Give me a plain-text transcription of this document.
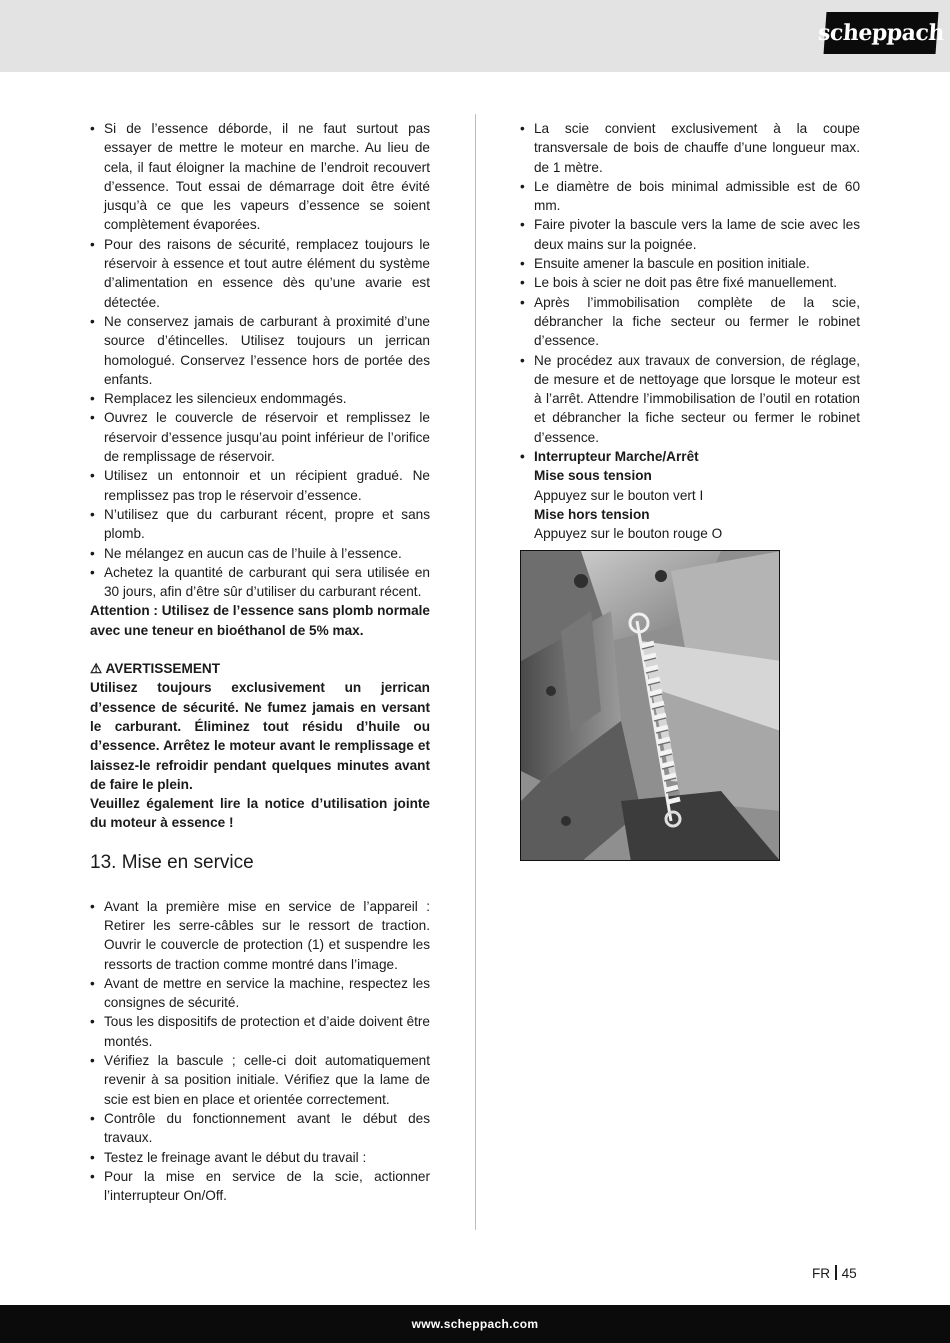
scheppach
• Si de l’essence déborde, il ne faut surtout pas essayer de mettre le moteur en marche. Au lieu de cela, il faut éloigner la machine de l’endroit recouvert d’essence. Tout essai de démarrage doit être évité jusqu’à ce que les vapeurs d’essence se soient complètement évaporées.
• Pour des raisons de sécurité, remplacez toujours le réservoir à essence et tout autre élément du système d’alimentation en essence dès qu’une avarie est détectée.
• Ne conservez jamais de carburant à proximité d’une source d’étincelles. Utilisez toujours un jerrican homologué. Conservez l’essence hors de portée des enfants.
• Remplacez les silencieux endommagés.
• Ouvrez le couvercle de réservoir et remplissez le réservoir d’essence jusqu’au point inférieur de l’orifice de remplissage de réservoir.
• Utilisez un entonnoir et un récipient gradué. Ne remplissez pas trop le réservoir d’essence.
• N’utilisez que du carburant récent, propre et sans plomb.
• Ne mélangez en aucun cas de l’huile à l’essence.
• Achetez la quantité de carburant qui sera utilisée en 30 jours, afin d’être sûr d’utiliser du carburant récent.

Attention : Utilisez de l’essence sans plomb normale avec une teneur en bioéthanol de 5% max.

⚠ AVERTISSEMENT

Utilisez toujours exclusivement un jerrican d’essence de sécurité. Ne fumez jamais en versant le carburant. Éliminez tout résidu d’huile ou d’essence. Arrêtez le moteur avant le remplissage et laissez-le refroidir pendant quelques minutes avant de faire le plein.

Veuillez également lire la notice d’utilisation jointe du moteur à essence !

13. Mise en service
• Avant la première mise en service de l’appareil : Retirer les serre-câbles sur le ressort de traction. Ouvrir le couvercle de protection (1) et suspendre les ressorts de traction comme montré dans l’image.
• Avant de mettre en service la machine, respectez les consignes de sécurité.
• Tous les dispositifs de protection et d’aide doivent être montés.
• Vérifiez la bascule ; celle-ci doit automatiquement revenir à sa position initiale. Vérifiez que la lame de scie est bien en place et orientée correctement.
• Contrôle du fonctionnement avant le début des travaux.
• Testez le freinage avant le début du travail :
• Pour la mise en service de la scie, actionner l’interrupteur On/Off.
• La scie convient exclusivement à la coupe transversale de bois de chauffe d’une longueur max. de 1 mètre.
• Le diamètre de bois minimal admissible est de 60 mm.
• Faire pivoter la bascule vers la lame de scie avec les deux mains sur la poignée.
• Ensuite amener la bascule en position initiale.
• Le bois à scier ne doit pas être fixé manuellement.
• Après l’immobilisation complète de la scie, débrancher la fiche secteur ou fermer le robinet d’essence.
• Ne procédez aux travaux de conversion, de réglage, de mesure et de nettoyage que lorsque le moteur est à l’arrêt. Attendre l’immobilisation de l’outil en rotation et débrancher la fiche secteur ou fermer le robinet d’essence.
• Interrupteur Marche/Arrêt
Mise sous tension
Appuyez sur le bouton vert I
Mise hors tension
Appuyez sur le bouton rouge O
FR 45
www.scheppach.com
